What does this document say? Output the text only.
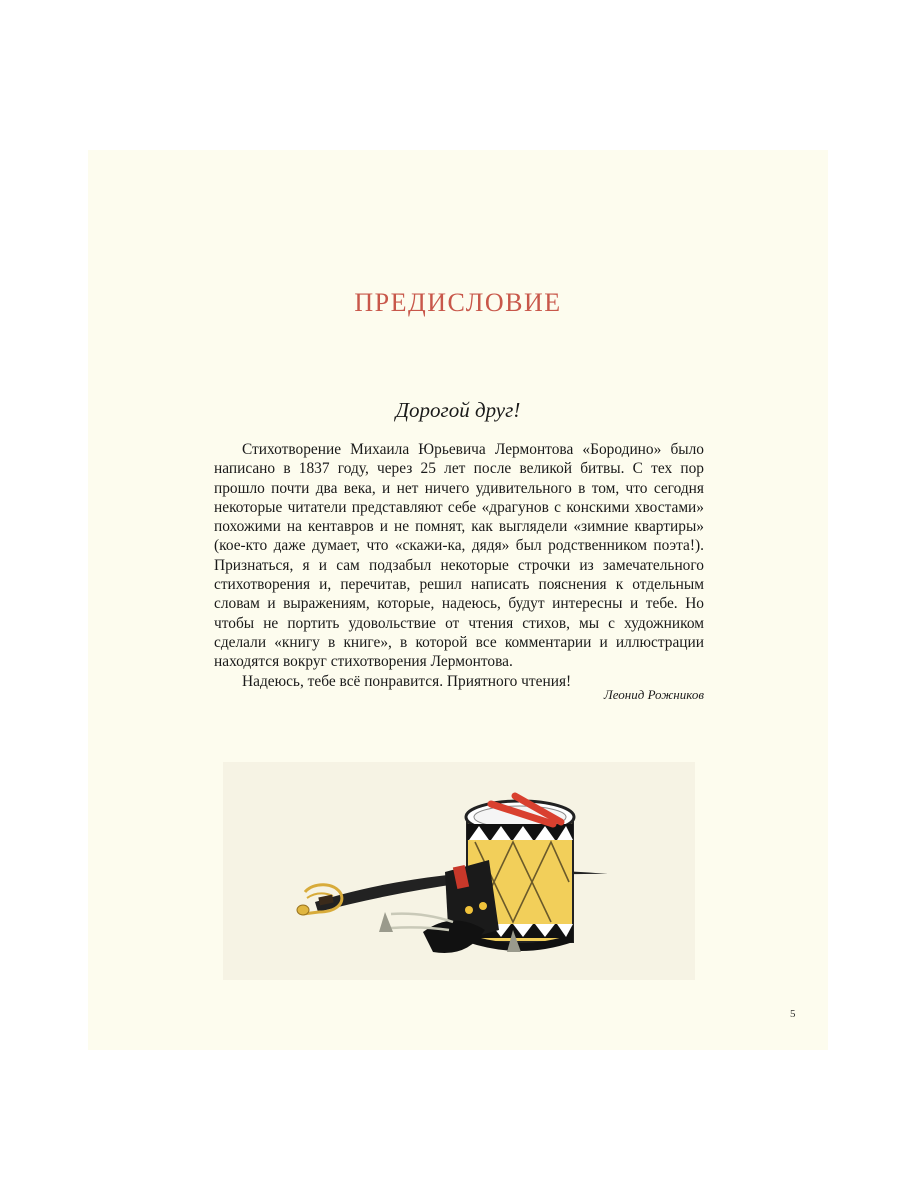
ПРЕДИСЛОВИЕ
Дорогой друг!

Стихотворение Михаила Юрьевича Лермонтова «Бородино» было написано в 1837 году, через 25 лет после великой битвы. С тех пор прошло почти два века, и нет ничего удивительного в том, что сегодня некоторые читатели представляют себе «драгунов с конскими хвостами» похожими на кентавров и не помнят, как выглядели «зимние квартиры» (кое-кто даже думает, что «скажи-ка, дядя» был родственником поэта!). Признаться, я и сам подзабыл некоторые строчки из замечательного стихотворения и, перечитав, решил написать пояснения к отдельным словам и выражениям, которые, надеюсь, будут интересны и тебе. Но чтобы не портить удовольствие от чтения стихов, мы с художником сделали «книгу в книге», в которой все комментарии и иллюстрации находятся вокруг стихотворения Лермонтова.

Надеюсь, тебе всё понравится. Приятного чтения!

Леонид Рожников
5
